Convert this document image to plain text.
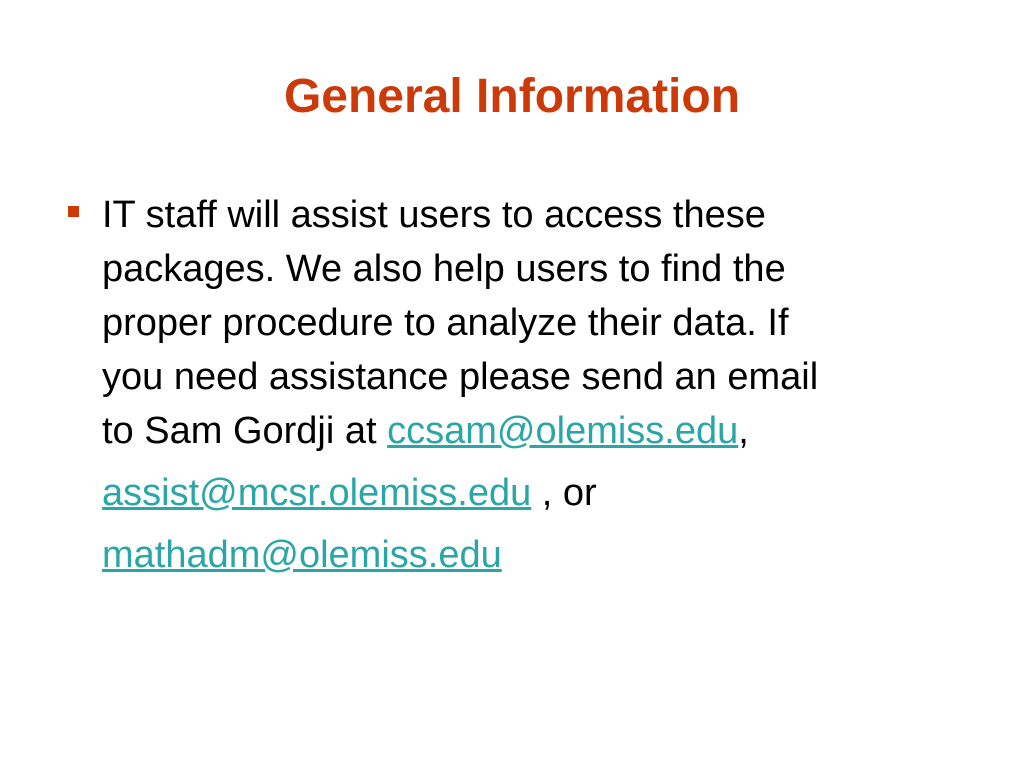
General Information
IT staff will assist users to access these
packages. We also help users to find the
proper procedure to analyze their data. If
you need assistance please send an email
to Sam Gordji at ccsam@olemiss.edu,
assist@mcsr.olemiss.edu , or
mathadm@olemiss.edu
